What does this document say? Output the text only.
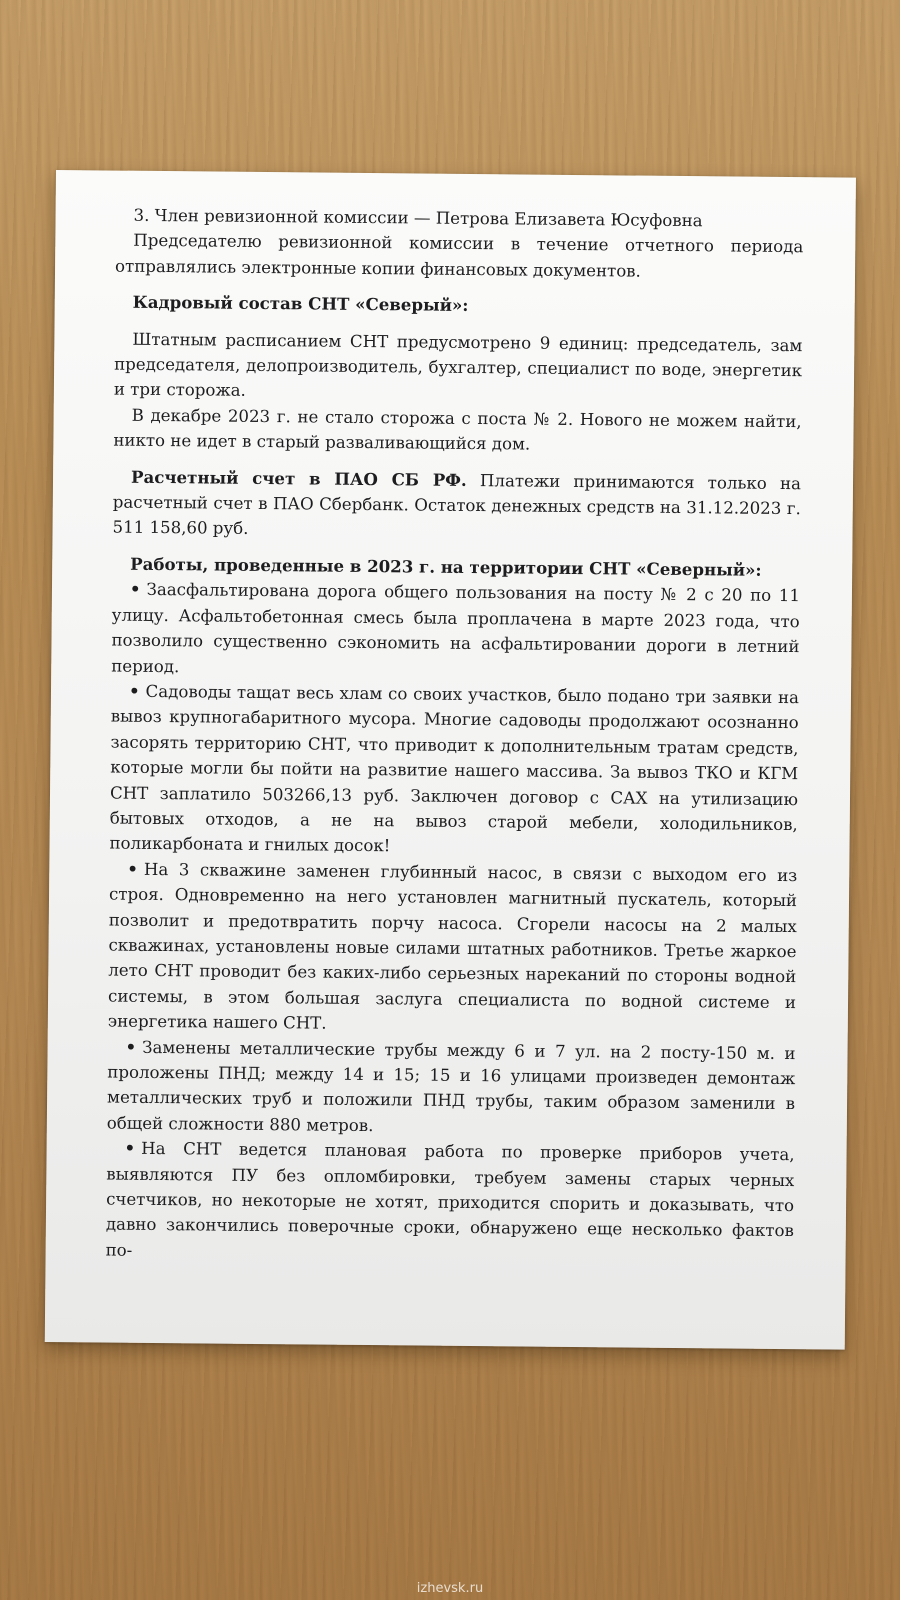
3. Член ревизионной комиссии — Петрова Елизавета Юсуфовна

Председателю ревизионной комиссии в течение отчетного периода отправлялись электронные копии финансовых документов.

Кадровый состав СНТ «Северый»:

Штатным расписанием СНТ предусмотрено 9 единиц: председатель, зам председателя, делопроизводитель, бухгалтер, специалист по воде, энергетик и три сторожа.

В декабре 2023 г. не стало сторожа с поста № 2. Нового не можем найти, никто не идет в старый разваливающийся дом.

Расчетный счет в ПАО СБ РФ. Платежи принимаются только на расчетный счет в ПАО Сбербанк. Остаток денежных средств на 31.12.2023 г. 511 158,60 руб.

Работы, проведенные в 2023 г. на территории СНТ «Северный»:

• Заасфальтирована дорога общего пользования на посту № 2 с 20 по 11 улицу. Асфальтобетонная смесь была проплачена в марте 2023 года, что позволило существенно сэкономить на асфальтировании дороги в летний период.

• Садоводы тащат весь хлам со своих участков, было подано три заявки на вывоз крупногабаритного мусора. Многие садоводы продолжают осознанно засорять территорию СНТ, что приводит к дополнительным тратам средств, которые могли бы пойти на развитие нашего массива. За вывоз ТКО и КГМ СНТ заплатило 503266,13 руб. Заключен договор с САХ на утилизацию бытовых отходов, а не на вывоз старой мебели, холодильников, поликарбоната и гнилых досок!

• На 3 скважине заменен глубинный насос, в связи с выходом его из строя. Одновременно на него установлен магнитный пускатель, который позволит и предотвратить порчу насоса. Сгорели насосы на 2 малых скважинах, установлены новые силами штатных работников. Третье жаркое лето СНТ проводит без каких-либо серьезных нареканий по стороны водной системы, в этом большая заслуга специалиста по водной системе и энергетика нашего СНТ.

• Заменены металлические трубы между 6 и 7 ул. на 2 посту-150 м. и проложены ПНД; между 14 и 15; 15 и 16 улицами произведен демонтаж металлических труб и положили ПНД трубы, таким образом заменили в общей сложности 880 метров.

• На СНТ ведется плановая работа по проверке приборов учета, выявляются ПУ без опломбировки, требуем замены старых черных счетчиков, но некоторые не хотят, приходится спорить и доказывать, что давно закончились поверочные сроки, обнаружено еще несколько фактов по-

izhevsk.ru
